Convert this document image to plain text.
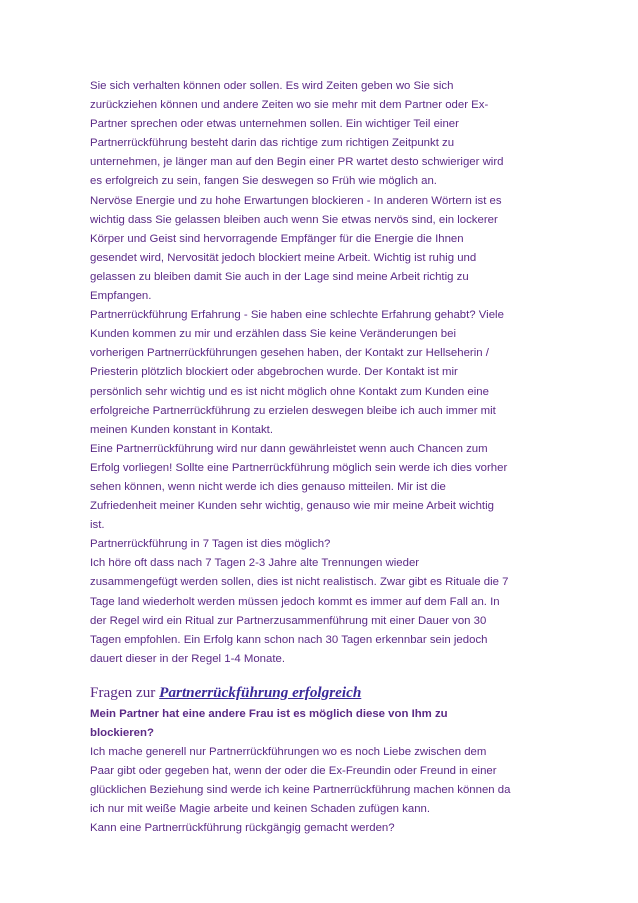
Sie sich verhalten können oder sollen. Es wird Zeiten geben wo Sie sich
zurückziehen können und andere Zeiten wo sie mehr mit dem Partner oder Ex-
Partner sprechen oder etwas unternehmen sollen. Ein wichtiger Teil einer
Partnerrückführung besteht darin das richtige zum richtigen Zeitpunkt zu
unternehmen, je länger man auf den Begin einer PR wartet desto schwieriger wird
es erfolgreich zu sein, fangen Sie deswegen so Früh wie möglich an.
Nervöse Energie und zu hohe Erwartungen blockieren - In anderen Wörtern ist es
wichtig dass Sie gelassen bleiben auch wenn Sie etwas nervös sind, ein lockerer
Körper und Geist sind hervorragende Empfänger für die Energie die Ihnen
gesendet wird, Nervosität jedoch blockiert meine Arbeit. Wichtig ist ruhig und
gelassen zu bleiben damit Sie auch in der Lage sind meine Arbeit richtig zu
Empfangen.
Partnerrückführung Erfahrung - Sie haben eine schlechte Erfahrung gehabt? Viele
Kunden kommen zu mir und erzählen dass Sie keine Veränderungen bei
vorherigen Partnerrückführungen gesehen haben, der Kontakt zur Hellseherin /
Priesterin plötzlich blockiert oder abgebrochen wurde. Der Kontakt ist mir
persönlich sehr wichtig und es ist nicht möglich ohne Kontakt zum Kunden eine
erfolgreiche Partnerrückführung zu erzielen deswegen bleibe ich auch immer mit
meinen Kunden konstant in Kontakt.
Eine Partnerrückführung wird nur dann gewährleistet wenn auch Chancen zum
Erfolg vorliegen! Sollte eine Partnerrückführung möglich sein werde ich dies vorher
sehen können, wenn nicht werde ich dies genauso mitteilen. Mir ist die
Zufriedenheit meiner Kunden sehr wichtig, genauso wie mir meine Arbeit wichtig
ist.
Partnerrückführung in 7 Tagen ist dies möglich?
Ich höre oft dass nach 7 Tagen 2-3 Jahre alte Trennungen wieder
zusammengefügt werden sollen, dies ist nicht realistisch. Zwar gibt es Rituale die 7
Tage land wiederholt werden müssen jedoch kommt es immer auf dem Fall an. In
der Regel wird ein Ritual zur Partnerzusammenführung mit einer Dauer von 30
Tagen empfohlen. Ein Erfolg kann schon nach 30 Tagen erkennbar sein jedoch
dauert dieser in der Regel 1-4 Monate.

Fragen zur Partnerrückführung erfolgreich

Mein Partner hat eine andere Frau ist es möglich diese von Ihm zu
blockieren?

Ich mache generell nur Partnerrückführungen wo es noch Liebe zwischen dem
Paar gibt oder gegeben hat, wenn der oder die Ex-Freundin oder Freund in einer
glücklichen Beziehung sind werde ich keine Partnerrückführung machen können da
ich nur mit weiße Magie arbeite und keinen Schaden zufügen kann.
Kann eine Partnerrückführung rückgängig gemacht werden?
